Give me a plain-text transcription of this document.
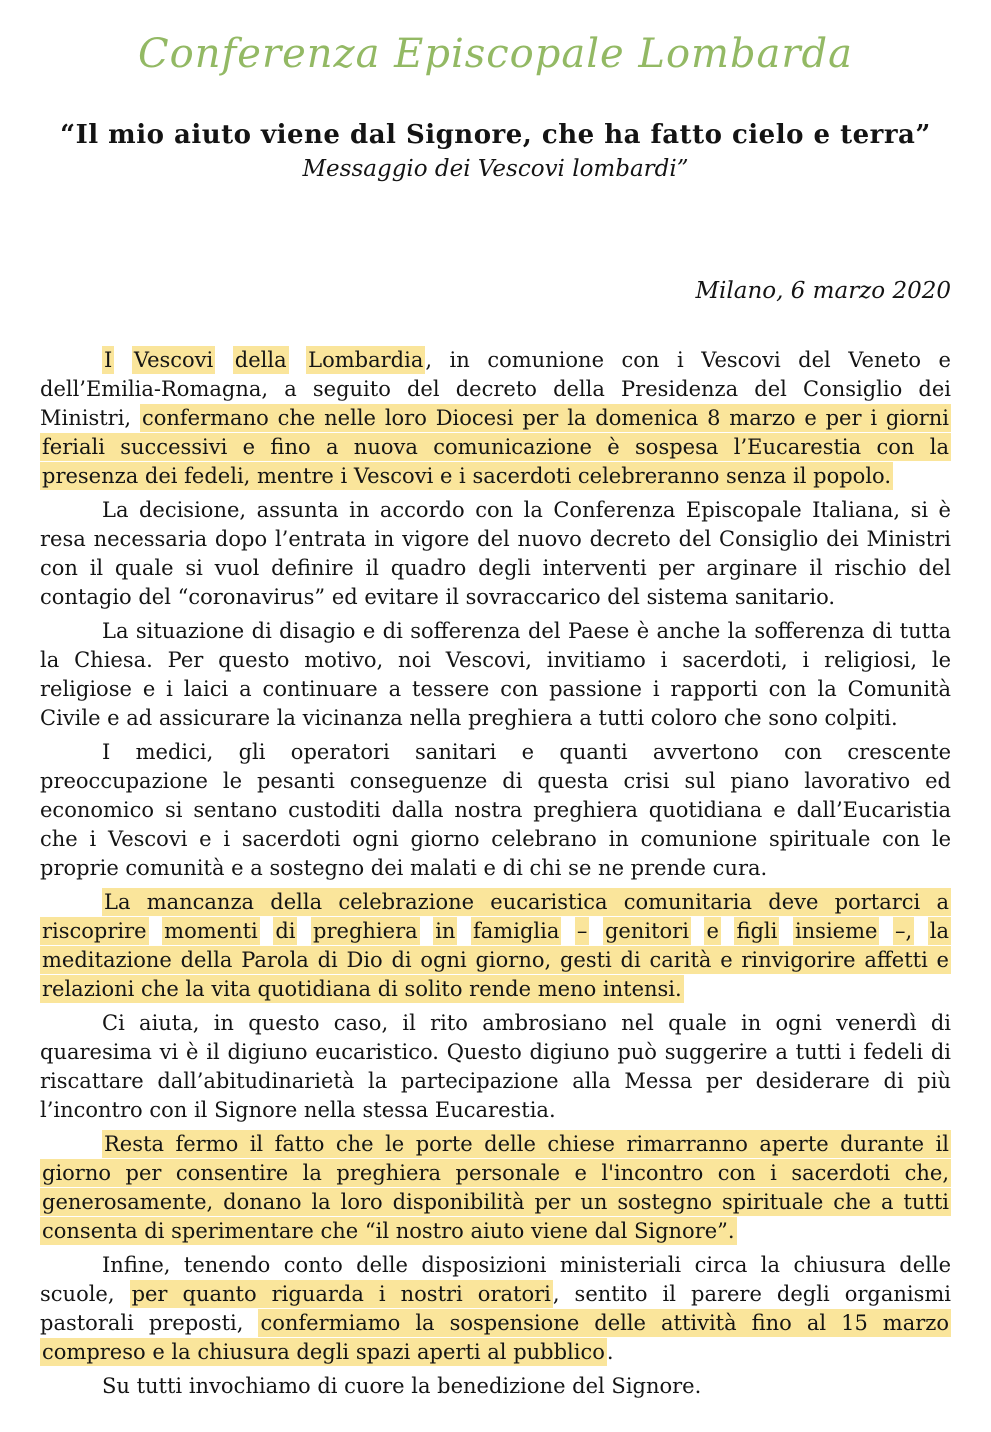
Conferenza Episcopale Lombarda
“Il mio aiuto viene dal Signore, che ha fatto cielo e terra”
Messaggio dei Vescovi lombardi”
Milano, 6 marzo 2020

I Vescovi della Lombardia, in comunione con i Vescovi del Veneto e dell’Emilia-Romagna, a seguito del decreto della Presidenza del Consiglio dei Ministri, confermano che nelle loro Diocesi per la domenica 8 marzo e per i giorni feriali successivi e fino a nuova comunicazione è sospesa l’Eucarestia con la presenza dei fedeli, mentre i Vescovi e i sacerdoti celebreranno senza il popolo.

La decisione, assunta in accordo con la Conferenza Episcopale Italiana, si è resa necessaria dopo l’entrata in vigore del nuovo decreto del Consiglio dei Ministri con il quale si vuol definire il quadro degli interventi per arginare il rischio del contagio del “coronavirus” ed evitare il sovraccarico del sistema sanitario.

La situazione di disagio e di sofferenza del Paese è anche la sofferenza di tutta la Chiesa. Per questo motivo, noi Vescovi, invitiamo i sacerdoti, i religiosi, le religiose e i laici a continuare a tessere con passione i rapporti con la Comunità Civile e ad assicurare la vicinanza nella preghiera a tutti coloro che sono colpiti.

I medici, gli operatori sanitari e quanti avvertono con crescente preoccupazione le pesanti conseguenze di questa crisi sul piano lavorativo ed economico si sentano custoditi dalla nostra preghiera quotidiana e dall’Eucaristia che i Vescovi e i sacerdoti ogni giorno celebrano in comunione spirituale con le proprie comunità e a sostegno dei malati e di chi se ne prende cura.

La mancanza della celebrazione eucaristica comunitaria deve portarci a riscoprire momenti di preghiera in famiglia – genitori e figli insieme –, la meditazione della Parola di Dio di ogni giorno, gesti di carità e rinvigorire affetti e relazioni che la vita quotidiana di solito rende meno intensi.

Ci aiuta, in questo caso, il rito ambrosiano nel quale in ogni venerdì di quaresima vi è il digiuno eucaristico. Questo digiuno può suggerire a tutti i fedeli di riscattare dall’abitudinarietà la partecipazione alla Messa per desiderare di più l’incontro con il Signore nella stessa Eucarestia.

Resta fermo il fatto che le porte delle chiese rimarranno aperte durante il giorno per consentire la preghiera personale e l'incontro con i sacerdoti che, generosamente, donano la loro disponibilità per un sostegno spirituale che a tutti consenta di sperimentare che “il nostro aiuto viene dal Signore”.

Infine, tenendo conto delle disposizioni ministeriali circa la chiusura delle scuole, per quanto riguarda i nostri oratori, sentito il parere degli organismi pastorali preposti, confermiamo la sospensione delle attività fino al 15 marzo compreso e la chiusura degli spazi aperti al pubblico.

Su tutti invochiamo di cuore la benedizione del Signore.
